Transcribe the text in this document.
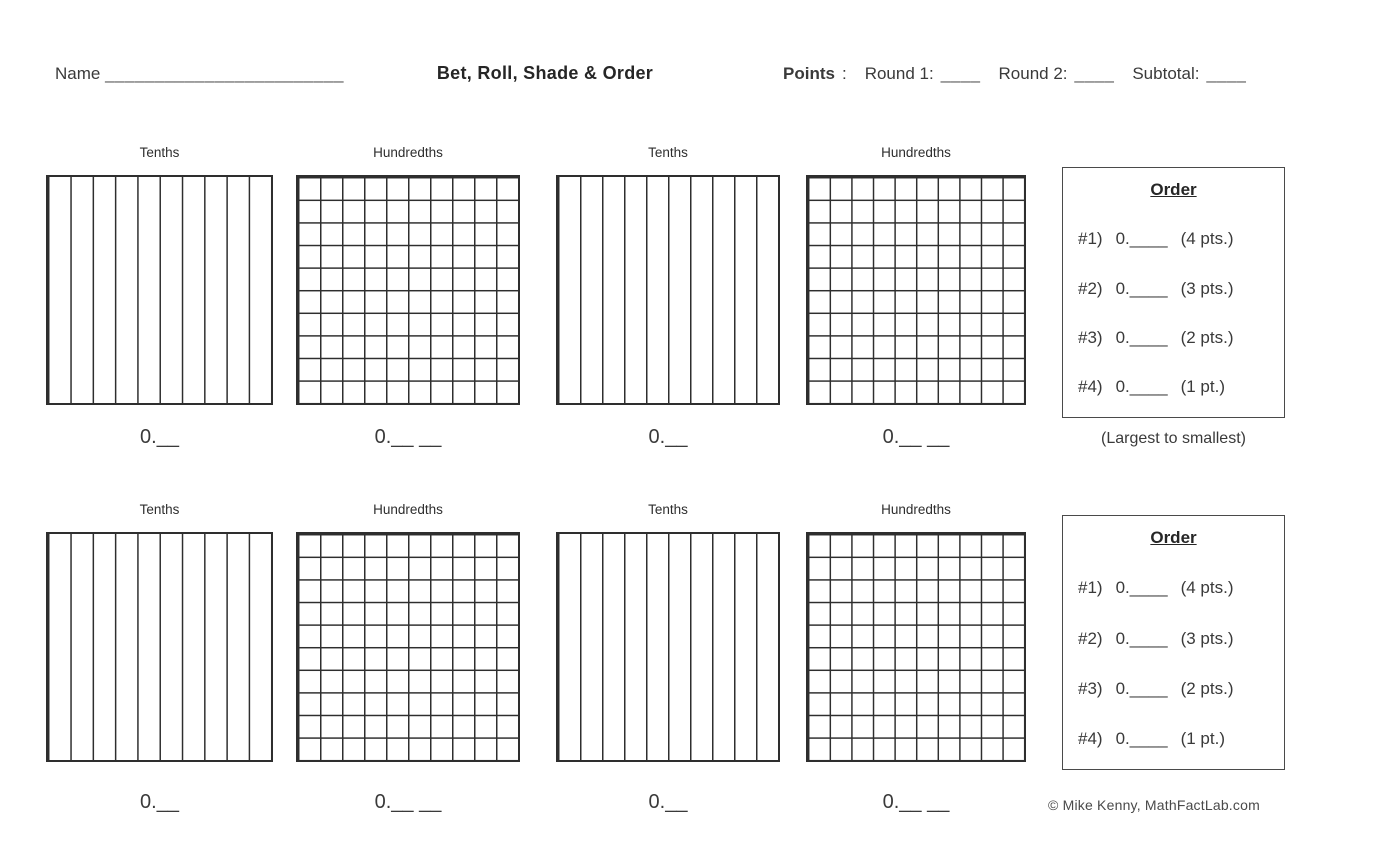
Name ________________________	Bet, Roll, Shade & Order	Points : Round 1: ____ Round 2: ____ Subtotal: ____
Tenths	Hundredths	Tenths	Hundredths
0.__	0.__ __	0.__	0.__ __
Order
#1) 0.____ (4 pts.)
#2) 0.____ (3 pts.)
#3) 0.____ (2 pts.)
#4) 0.____ (1 pt.)
(Largest to smallest)
Tenths	Hundredths	Tenths	Hundredths
0.__	0.__ __	0.__	0.__ __
Order
#1) 0.____ (4 pts.)
#2) 0.____ (3 pts.)
#3) 0.____ (2 pts.)
#4) 0.____ (1 pt.)
© Mike Kenny, MathFactLab.com
